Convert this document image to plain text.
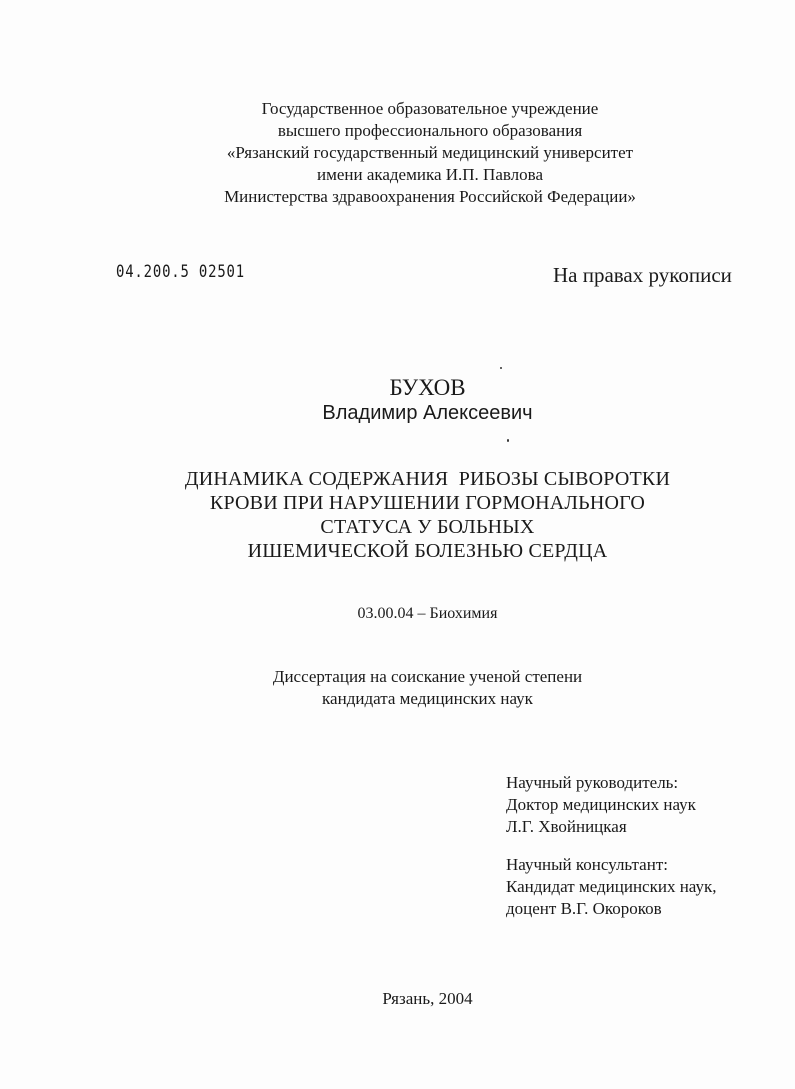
Государственное образовательное учреждение
высшего профессионального образования
«Рязанский государственный медицинский университет
имени академика И.П. Павлова
Министерства здравоохранения Российской Федерации»
04.200.5 02501	На правах рукописи
БУХОВ
Владимир Алексеевич
ДИНАМИКА СОДЕРЖАНИЯ  РИБОЗЫ СЫВОРОТКИ
КРОВИ ПРИ НАРУШЕНИИ ГОРМОНАЛЬНОГО
СТАТУСА У БОЛЬНЫХ
ИШЕМИЧЕСКОЙ БОЛЕЗНЬЮ СЕРДЦА
03.00.04 – Биохимия
Диссертация на соискание ученой степени
кандидата медицинских наук
Научный руководитель:
Доктор медицинских наук
Л.Г. Хвойницкая
Научный консультант:
Кандидат медицинских наук,
доцент В.Г. Окороков
Рязань, 2004
